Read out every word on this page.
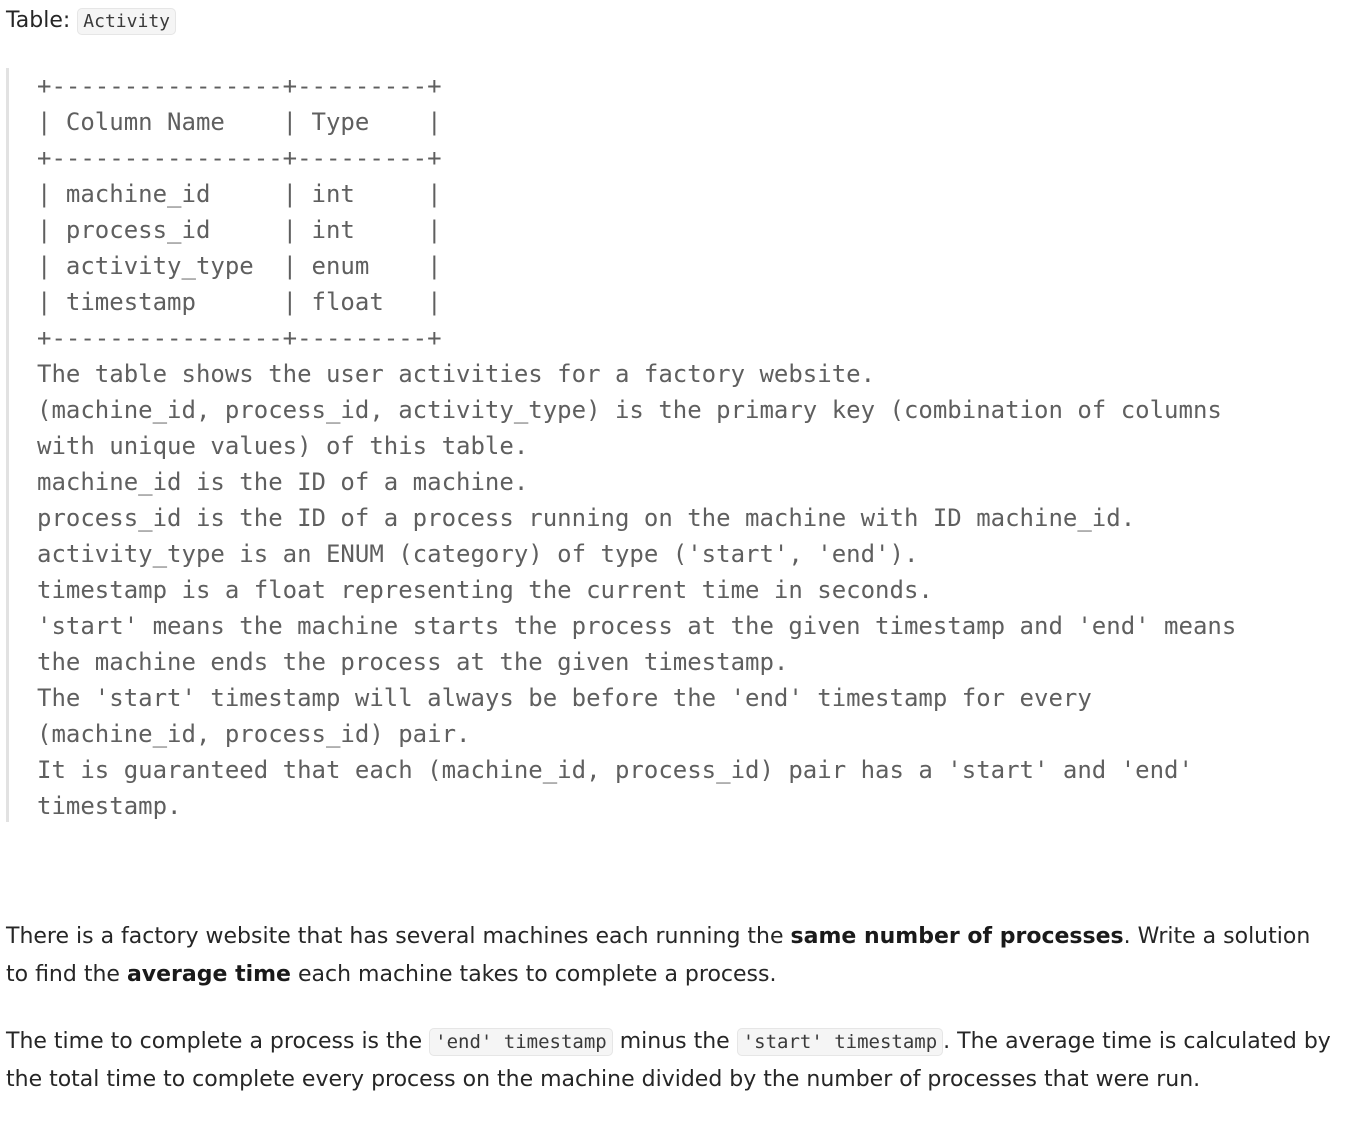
Table: Activity
+----------------+---------+
| Column Name    | Type    |
+----------------+---------+
| machine_id     | int     |
| process_id     | int     |
| activity_type  | enum    |
| timestamp      | float   |
+----------------+---------+
The table shows the user activities for a factory website.
(machine_id, process_id, activity_type) is the primary key (combination of columns
with unique values) of this table.
machine_id is the ID of a machine.
process_id is the ID of a process running on the machine with ID machine_id.
activity_type is an ENUM (category) of type ('start', 'end').
timestamp is a float representing the current time in seconds.
'start' means the machine starts the process at the given timestamp and 'end' means
the machine ends the process at the given timestamp.
The 'start' timestamp will always be before the 'end' timestamp for every
(machine_id, process_id) pair.
It is guaranteed that each (machine_id, process_id) pair has a 'start' and 'end'
timestamp.

There is a factory website that has several machines each running the same number of processes. Write a solution to find the average time each machine takes to complete a process.

The time to complete a process is the 'end' timestamp minus the 'start' timestamp . The average time is calculated by the total time to complete every process on the machine divided by the number of processes that were run.
